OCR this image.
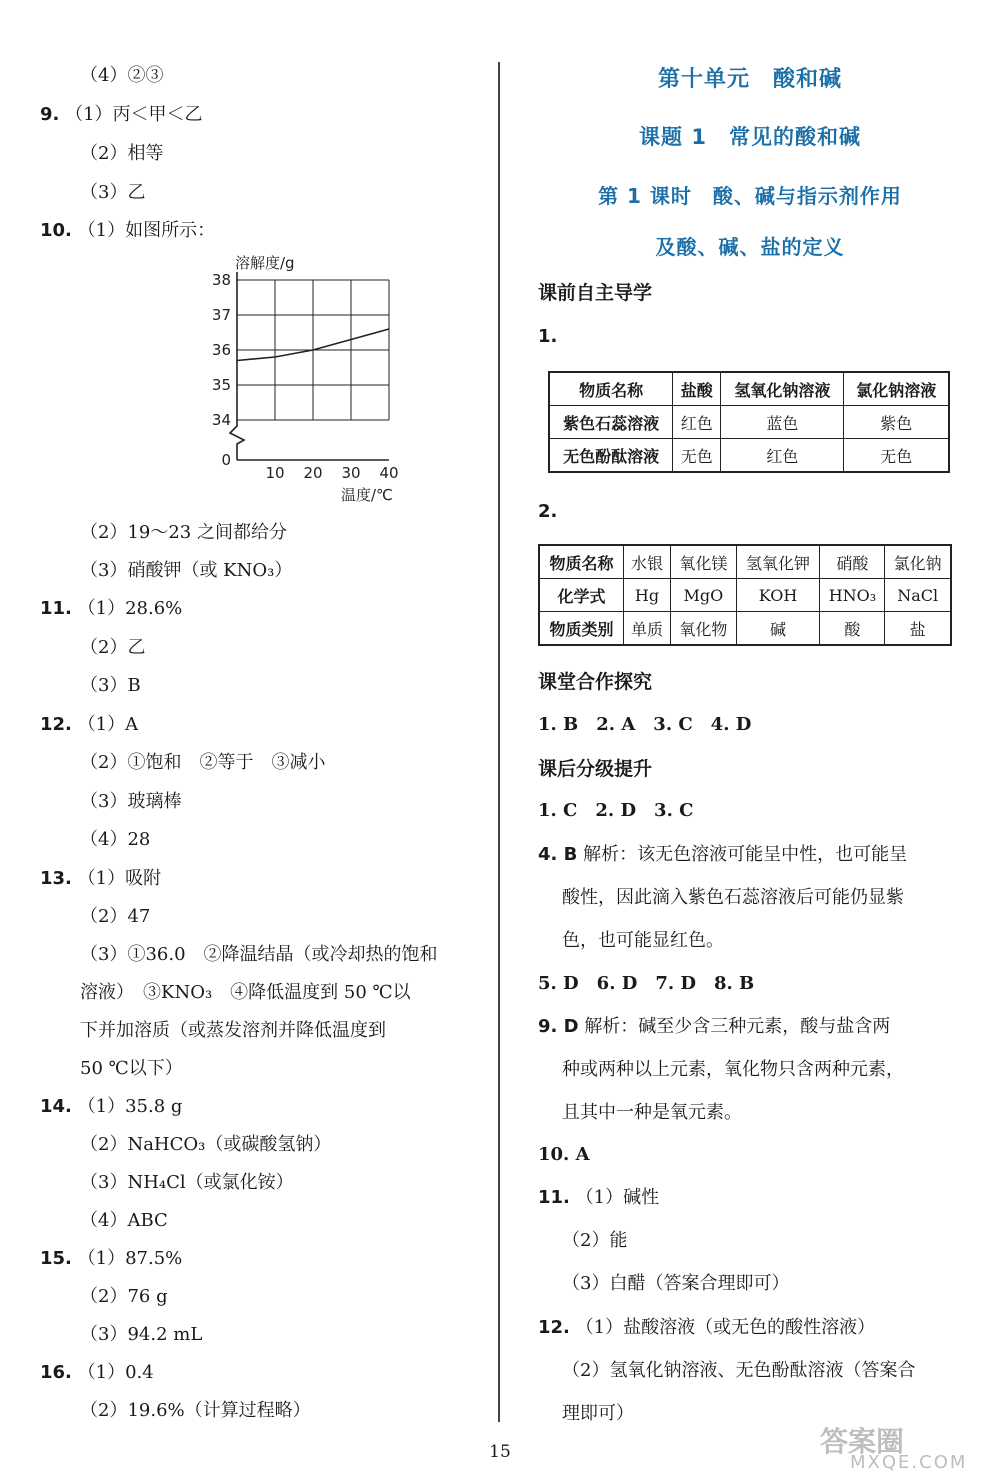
（4）②③
9. （1）丙＜甲＜乙
（2）相等
（3）乙
10. （1）如图所示：
10 20 30 40
0
34
35
36
37
38
溶解度/g
温度/℃
（2）19～23 之间都给分
（3）硝酸钾（或 KNO₃）
11. （1）28.6%
（2）乙
（3）B
12. （1）A
（2）①饱和　②等于　③减小
（3）玻璃棒
（4）28
13. （1）吸附
（2）47
（3）①36.0　②降温结晶（或冷却热的饱和
溶液）　③KNO₃　④降低温度到 50 ℃以
下并加溶质（或蒸发溶剂并降低温度到
50 ℃以下）
14. （1）35.8 g
（2）NaHCO₃（或碳酸氢钠）
（3）NH₄Cl（或氯化铵）
（4）ABC
15. （1）87.5%
（2）76 g
（3）94.2 mL
16. （1）0.4
（2）19.6%（计算过程略）
第十单元　酸和碱
课题 1　常见的酸和碱
第 1 课时　酸、碱与指示剂作用
及酸、碱、盐的定义
课前自主导学
1.
物质名称	盐酸	氢氧化钠溶液	氯化钠溶液
紫色石蕊溶液	红色	蓝色	紫色
无色酚酞溶液	无色	红色	无色
2.
物质名称	水银	氧化镁	氢氧化钾	硝酸	氯化钠
化学式	Hg	MgO	KOH	HNO₃	NaCl
物质类别	单质	氧化物	碱	酸	盐
课堂合作探究
1. B　2. A　3. C　4. D
课后分级提升
1. C　2. D　3. C
4. B 解析：该无色溶液可能呈中性，也可能呈
酸性，因此滴入紫色石蕊溶液后可能仍显紫
色，也可能显红色。
5. D　6. D　7. D　8. B
9. D 解析：碱至少含三种元素，酸与盐含两
种或两种以上元素，氧化物只含两种元素，
且其中一种是氧元素。
10. A
11. （1）碱性
（2）能
（3）白醋（答案合理即可）
12. （1）盐酸溶液（或无色的酸性溶液）
（2）氢氧化钠溶液、无色酚酞溶液（答案合
理即可）
答案圈
MXQE.COM
15
